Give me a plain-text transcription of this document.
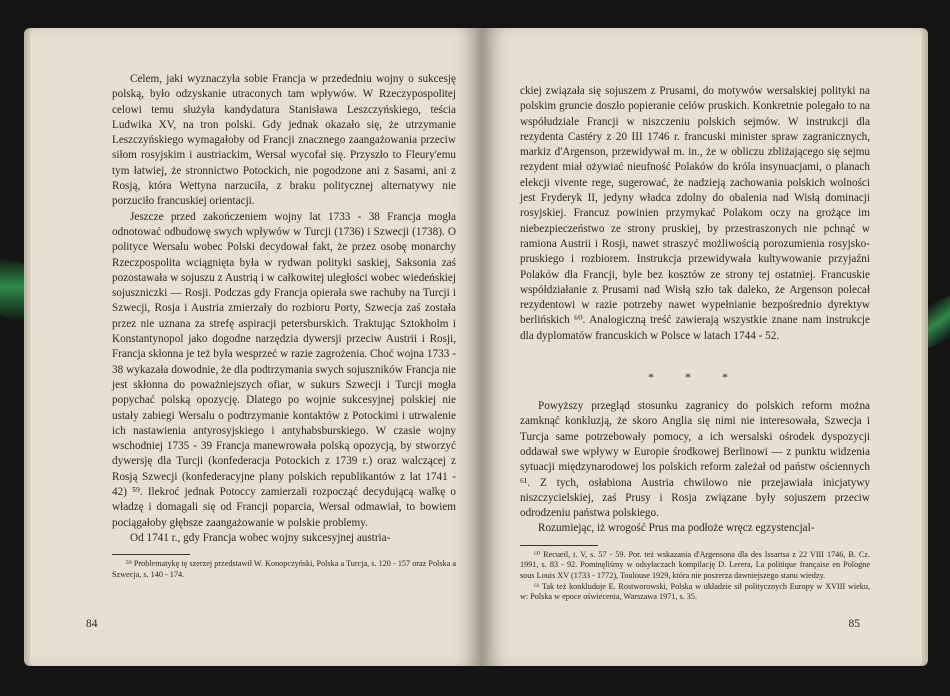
Celem, jaki wyznaczyła sobie Francja w przededniu wojny o sukcesję polską, było odzyskanie utraconych tam wpływów. W Rzeczypospolitej celowi temu służyła kandydatura Stanisława Leszczyńskiego, teścia Ludwika XV, na tron polski. Gdy jednak okazało się, że utrzymanie Leszczyńskiego wymagałoby od Francji znacznego zaangażowania przeciw siłom rosyjskim i austriackim, Wersal wycofał się. Przyszło to Fleury'emu tym łatwiej, że stronnictwo Potockich, nie pogodzone ani z Sasami, ani z Rosją, która Wettyna narzuciła, z braku politycznej alternatywy nie porzuciło francuskiej orientacji.

Jeszcze przed zakończeniem wojny lat 1733 - 38 Francja mogła odnotować odbudowę swych wpływów w Turcji (1736) i Szwecji (1738). O polityce Wersalu wobec Polski decydował fakt, że przez osobę monarchy Rzeczpospolita wciągnięta była w rydwan polityki saskiej, Saksonia zaś pozostawała w sojuszu z Austrią i w całkowitej uległości wobec wiedeńskiej sojuszniczki — Rosji. Podczas gdy Francja opierała swe rachuby na Turcji i Szwecji, Rosja i Austria zmierzały do rozbioru Porty, Szwecja zaś została przez nie uznana za strefę aspiracji petersburskich. Traktując Sztokholm i Konstantynopol jako dogodne narzędzia dywersji przeciw Austrii i Rosji, Francja skłonna je też była wesprzeć w razie zagrożenia. Choć wojna 1733 - 38 wykazała dowodnie, że dla podtrzymania swych sojuszników Francja nie jest skłonna do poważniejszych ofiar, w sukurs Szwecji i Turcji mogła popychać polską opozycję. Dlatego po wojnie sukcesyjnej polskiej nie ustały zabiegi Wersalu o podtrzymanie kontaktów z Potockimi i utrwalenie ich nastawienia antyrosyjskiego i antyhabsburskiego. W czasie wojny wschodniej 1735 - 39 Francja manewrowała polską opozycją, by stworzyć dywersję dla Turcji (konfederacja Potockich z 1739 r.) oraz walczącej z Rosją Szwecji (konfederacyjne plany polskich republikantów z lat 1741 - 42) ⁵⁹. Ilekroć jednak Potoccy zamierzali rozpocząć decydującą walkę o władzę i domagali się od Francji poparcia, Wersal odmawiał, to bowiem pociągałoby głębsze zaangażowanie w polskie problemy.

Od 1741 r., gdy Francja wobec wojny sukcesyjnej austria-

⁵⁹ Problematykę tę szerzej przedstawił W. Konopczyński, Polska a Turcja, s. 120 - 157 oraz Polska a Szwecja, s. 140 - 174.

84

ckiej związała się sojuszem z Prusami, do motywów wersalskiej polityki na polskim gruncie doszło popieranie celów pruskich. Konkretnie polegało to na współudziale Francji w niszczeniu polskich sejmów. W instrukcji dla rezydenta Castéry z 20 III 1746 r. francuski minister spraw zagranicznych, markiz d'Argenson, przewidywał m. in., że w obliczu zbliżającego się sejmu rezydent miał ożywiać nieufność Polaków do króla insynuacjami, o planach elekcji vivente rege, sugerować, że nadzieją zachowania polskich wolności jest Fryderyk II, jedyny władca zdolny do obalenia nad Wisłą dominacji rosyjskiej. Francuz powinien przymykać Polakom oczy na grożące im niebezpieczeństwo ze strony pruskiej, by przestraszonych nie pchnąć w ramiona Austrii i Rosji, nawet straszyć możliwością porozumienia rosyjsko-pruskiego i rozbiorem. Instrukcja przewidywała kultywowanie przyjaźni Polaków dla Francji, byle bez kosztów ze strony tej ostatniej. Francuskie współdziałanie z Prusami nad Wisłą szło tak daleko, że Argenson polecał rezydentowi w razie potrzeby nawet wypełnianie bezpośrednio dyrektyw berlińskich ⁶⁰. Analogiczną treść zawierają wszystkie znane nam instrukcje dla dyplomatów francuskich w Polsce w latach 1744 - 52.

* * *

Powyższy przegląd stosunku zagranicy do polskich reform można zamknąć konkluzją, że skoro Anglia się nimi nie interesowała, Szwecja i Turcja same potrzebowały pomocy, a ich wersalski ośrodek dyspozycji oddawał swe wpływy w Europie środkowej Berlinowi — z punktu widzenia sytuacji międzynarodowej los polskich reform zależał od państw ościennych ⁶¹. Z tych, osłabiona Austria chwilowo nie przejawiała inicjatywy niszczycielskiej, zaś Prusy i Rosja związane były sojuszem przeciw odrodzeniu państwa polskiego.

Rozumiejąc, iż wrogość Prus ma podłoże wręcz egzystencjal-

⁶⁰ Recueil, t. V, s. 57 - 59. Por. też wskazania d'Argensona dla des Issartsa z 22 VIII 1746, B. Cz. 1991, s. 83 - 92. Pominęliśmy w odsyłaczach kompilację D. Lerera, La politique française en Pologne sous Louis XV (1733 - 1772), Toulouse 1929, która nie poszerza dawniejszego stanu wiedzy.

⁶¹ Tak też konkluduje E. Rostworowski, Polska w układzie sił politycznych Europy w XVIII wieku, w: Polska w epoce oświecenia, Warszawa 1971, s. 35.

85
